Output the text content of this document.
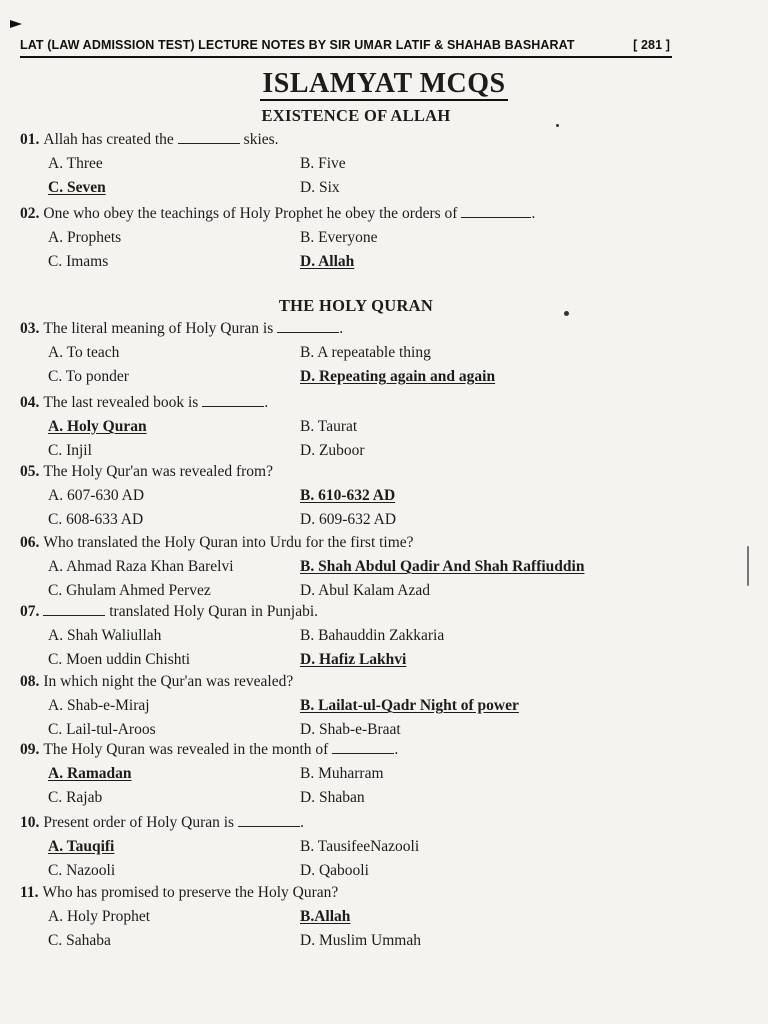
LAT (LAW ADMISSION TEST) LECTURE NOTES BY SIR UMAR LATIF & SHAHAB BASHARAT	[ 281 ]
ISLAMYAT MCQS
EXISTENCE OF ALLAH
THE HOLY QURAN
01. Allah has created the	skies.
A. Three	B. Five
C. Seven	D. Six
02. One who obey the teachings of Holy Prophet he obey the orders of	.
A. Prophets	B. Everyone
C. Imams	D. Allah
03. The literal meaning of Holy Quran is	.
A. To teach	B. A repeatable thing
C. To ponder	D. Repeating again and again
04. The last revealed book is	.
A. Holy Quran	B. Taurat
C. Injil	D. Zuboor
05. The Holy Qur'an was revealed from?
A. 607-630 AD	B. 610-632 AD
C. 608-633 AD	D. 609-632 AD
06. Who translated the Holy Quran into Urdu for the first time?
A. Ahmad Raza Khan Barelvi	B. Shah Abdul Qadir And Shah Raffiuddin
C. Ghulam Ahmed Pervez	D. Abul Kalam Azad
07.	translated Holy Quran in Punjabi.
A. Shah Waliullah	B. Bahauddin Zakkaria
C. Moen uddin Chishti	D. Hafiz Lakhvi
08. In which night the Qur'an was revealed?
A. Shab-e-Miraj	B. Lailat-ul-Qadr Night of power
C. Lail-tul-Aroos	D. Shab-e-Braat
09. The Holy Quran was revealed in the month of	.
A. Ramadan	B. Muharram
C. Rajab	D. Shaban
10. Present order of Holy Quran is	.
A. Tauqifi	B. TausifeeNazooli
C. Nazooli	D. Qabooli
11. Who has promised to preserve the Holy Quran?
A. Holy Prophet	B.Allah
C. Sahaba	D. Muslim Ummah
